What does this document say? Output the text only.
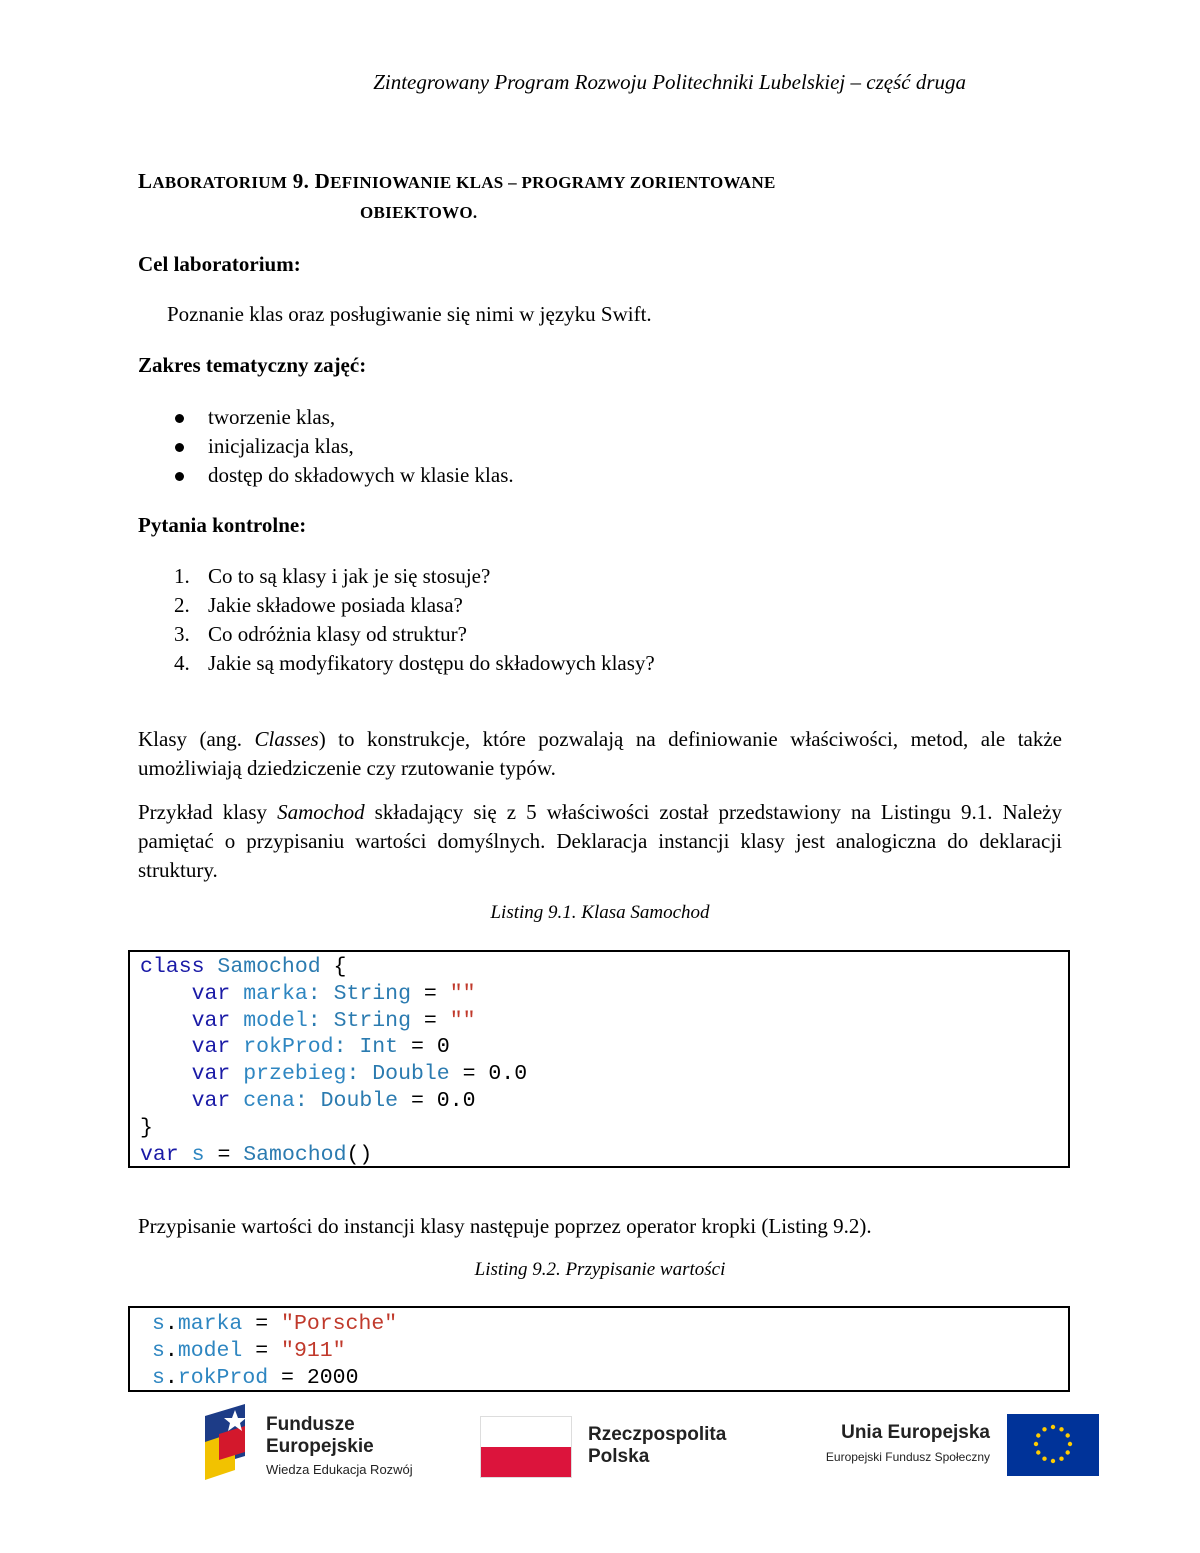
Zintegrowany Program Rozwoju Politechniki Lubelskiej – część druga
LABORATORIUM 9. DEFINIOWANIE KLAS – PROGRAMY ZORIENTOWANE
OBIEKTOWO.
Cel laboratorium:
Poznanie klas oraz posługiwanie się nimi w języku Swift.
Zakres tematyczny zajęć:
tworzenie klas,
inicjalizacja klas,
dostęp do składowych w klasie klas.
Pytania kontrolne:
1. Co to są klasy i jak je się stosuje?
2. Jakie składowe posiada klasa?
3. Co odróżnia klasy od struktur?
4. Jakie są modyfikatory dostępu do składowych klasy?
Klasy (ang. Classes) to konstrukcje, które pozwalają na definiowanie właściwości, metod, ale także umożliwiają dziedziczenie czy rzutowanie typów.
Przykład klasy Samochod składający się z 5 właściwości został przedstawiony na Listingu 9.1. Należy pamiętać o przypisaniu wartości domyślnych. Deklaracja instancji klasy jest analogiczna do deklaracji struktury.
Listing 9.1. Klasa Samochod
class Samochod {
var marka: String = ""
var model: String = ""
var rokProd: Int = 0
var przebieg: Double = 0.0
var cena: Double = 0.0
}
var s = Samochod()
Przypisanie wartości do instancji klasy następuje poprzez operator kropki (Listing 9.2).
Listing 9.2. Przypisanie wartości
s.marka = "Porsche"
s.model = "911"
s.rokProd = 2000
Fundusze
Europejskie
Wiedza Edukacja Rozwój
Rzeczpospolita
Polska
Unia Europejska
Europejski Fundusz Społeczny
